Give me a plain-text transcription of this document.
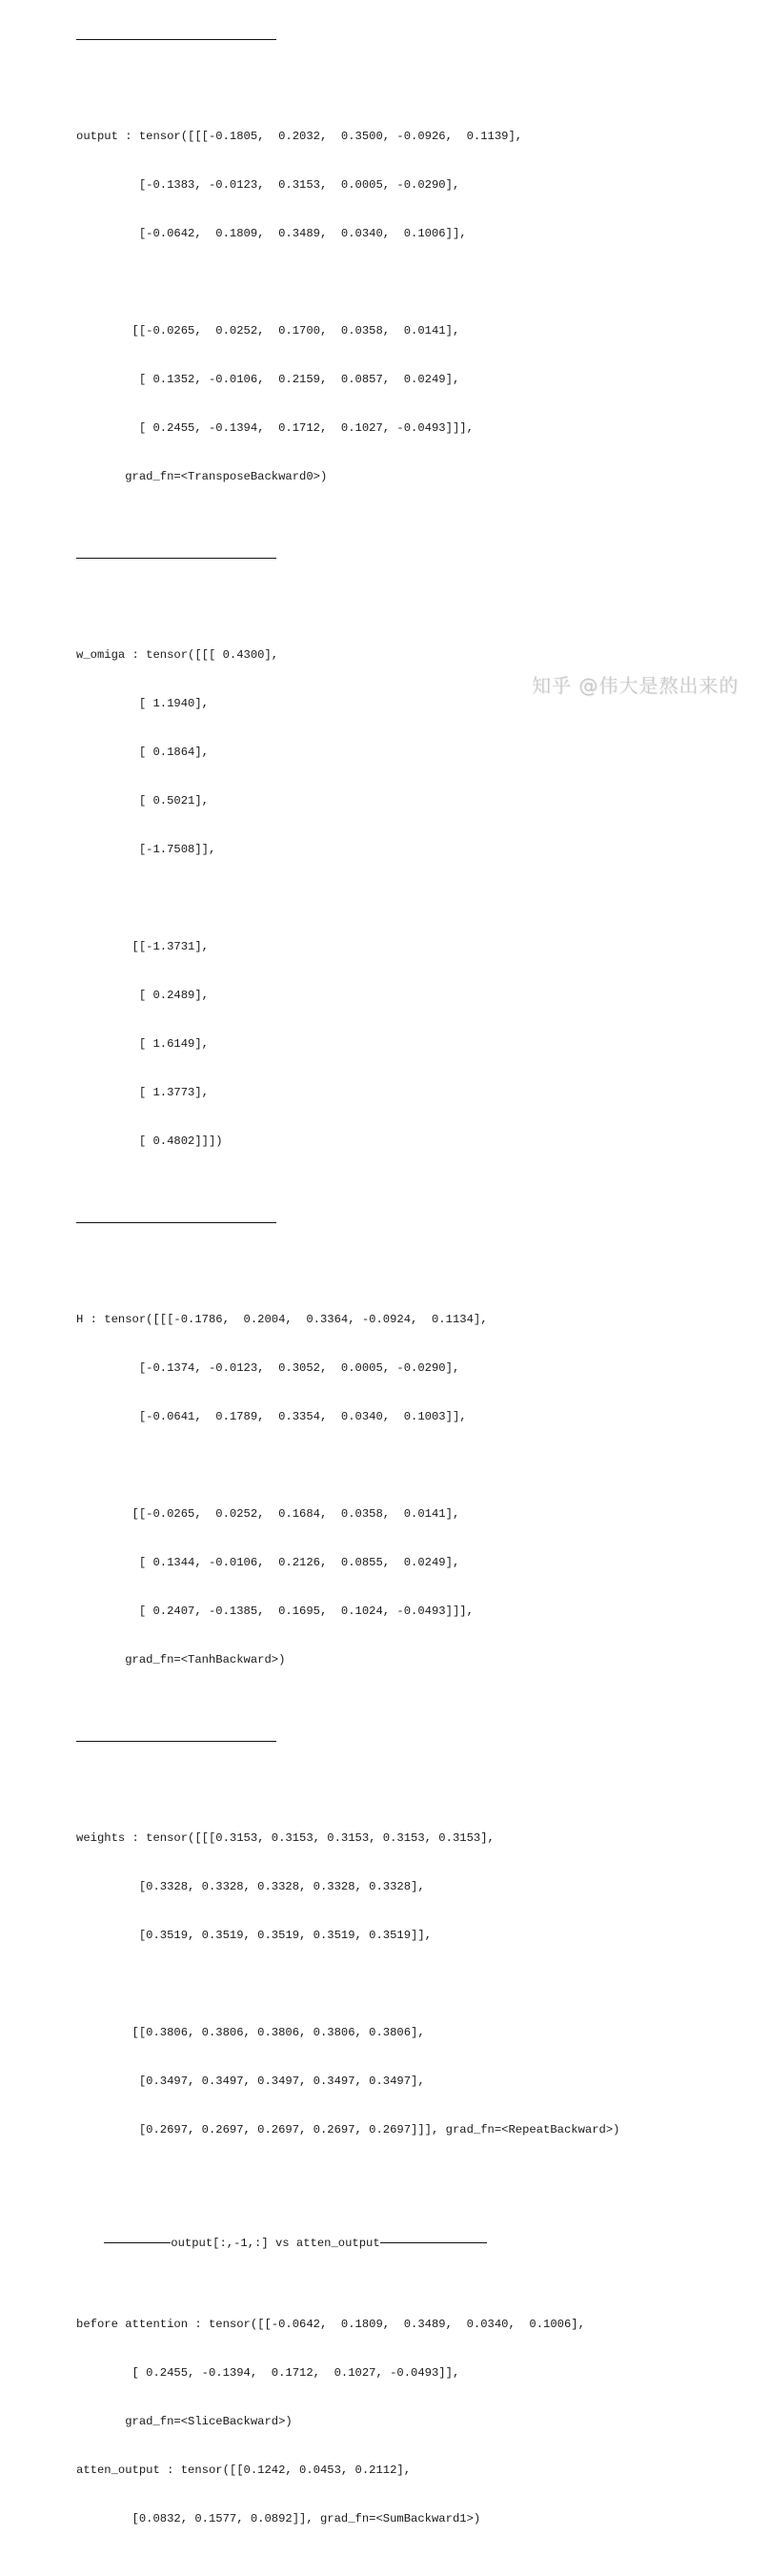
output : tensor([[[-0.1805,  0.2032,  0.3500, -0.0926,  0.1139],

[-0.1383, -0.0123,  0.3153,  0.0005, -0.0290],

[-0.0642,  0.1809,  0.3489,  0.0340,  0.1006]],

[[-0.0265,  0.0252,  0.1700,  0.0358,  0.0141],

[ 0.1352, -0.0106,  0.2159,  0.0857,  0.0249],

[ 0.2455, -0.1394,  0.1712,  0.1027, -0.0493]]],

grad_fn=<TransposeBackward0>)

w_omiga : tensor([[[ 0.4300],

[ 1.1940],

[ 0.1864],

[ 0.5021],

[-1.7508]],

[[-1.3731],

[ 0.2489],

[ 1.6149],

[ 1.3773],

[ 0.4802]]])

H : tensor([[[-0.1786,  0.2004,  0.3364, -0.0924,  0.1134],

[-0.1374, -0.0123,  0.3052,  0.0005, -0.0290],

[-0.0641,  0.1789,  0.3354,  0.0340,  0.1003]],

[[-0.0265,  0.0252,  0.1684,  0.0358,  0.0141],

[ 0.1344, -0.0106,  0.2126,  0.0855,  0.0249],

[ 0.2407, -0.1385,  0.1695,  0.1024, -0.0493]]],

grad_fn=<TanhBackward>)

weights : tensor([[[0.3153, 0.3153, 0.3153, 0.3153, 0.3153],

[0.3328, 0.3328, 0.3328, 0.3328, 0.3328],

[0.3519, 0.3519, 0.3519, 0.3519, 0.3519]],

[[0.3806, 0.3806, 0.3806, 0.3806, 0.3806],

[0.3497, 0.3497, 0.3497, 0.3497, 0.3497],

[0.2697, 0.2697, 0.2697, 0.2697, 0.2697]]], grad_fn=<RepeatBackward>)

output[:,-1,:] vs atten_output

before attention : tensor([[-0.0642,  0.1809,  0.3489,  0.0340,  0.1006],

[ 0.2455, -0.1394,  0.1712,  0.1027, -0.0493]],

grad_fn=<SliceBackward>)

atten_output : tensor([[0.1242, 0.0453, 0.2112],

[0.0832, 0.1577, 0.0892]], grad_fn=<SumBackward1>)

知乎 @伟大是熬出来的
